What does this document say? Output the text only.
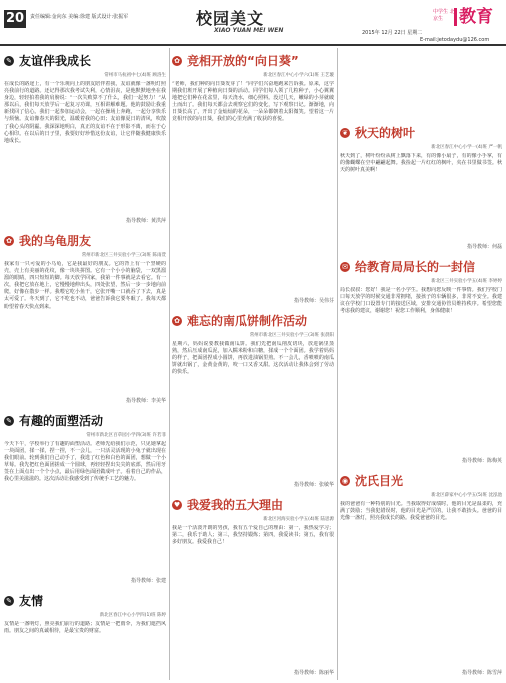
20	责任编辑:金向东 美编:徐建 版式设计:张振军	校园美文
XIAO YUAN MEI WEN
中学生 北京生 教育
2015年 12月 22日 星期二
E-mail:jetodaydu@126.com
✎ 友谊伴我成长
常州市马杭初中七(4)班 顾洛生
在成长的路途上，有一个乐观向上的朋友陪伴着我，友谊就像一盏明灯照亮我前行的道路。还记得那次我考试失利，心情沮丧，是他默默地坐在我身边，轻轻拍着我的肩膀说：“一次失败算不了什么，我们一起努力！”从那以后，我们每天放学后一起复习功课，互相讲解难题。他的鼓励让我重新找回了信心。我们一起参加运动会，一起在操场上奔跑，一起分享快乐与烦恼。友谊像春天的阳光，温暖着我的心田；友谊像夏日的清风，吹散了我心头的阴霾。我深深地明白，真正的友谊不在于形影不离，而在于心心相印。在以后的日子里，我要好好珍惜这份友谊，让它伴随我健康快乐地成长。
指导教师：黄洪萍
✿ 我的乌龟朋友
常州市新北区三井实验小学三(3)班 陈雨萱
我家有一只可爱的小乌龟，它是我最好的朋友。它的背上有一个坚硬的壳，壳上有美丽的花纹，像一块块拼图。它有一个小小的脑袋，一双黑溜溜的眼睛，四只短短的脚。每天放学回家，我第一件事就是去看它。有一次，我把它放在地上，它慢慢地伸出头，四处张望，然后一步一步地向前爬，好像在散步一样。我喂它吃小鱼干，它张开嘴一口就吞了下去，真是太可爱了。冬天到了，它不吃也不动，爸爸告诉我它要冬眠了。我每天都盼望着春天快点到来。
指导教师：李美华
✎ 有趣的面塑活动
常州市新北区百草园小学四(3)班 许若菲
今天下午，学校举行了有趣的面塑活动。老师先给我们示范，只见她拿起一块面团，揉一揉，捏一捏，不一会儿，一只活灵活现的小兔子就出现在我们眼前。轮到我们自己动手了，我选了红色和白色的面团，想做一个小草莓。我先把红色面团搓成一个圆球，再轻轻捏出尖尖的底部，然后用牙签在上面点出一个个小点，最后用绿色面团做成叶子。看着自己的作品，我心里美滋滋的。这次活动让我感受到了传统手工艺的魅力。
指导教师：张建
✎ 友情
新北区春江中心小学四(1)班 陈婷
友情是一盏明灯，照亮我们前行的道路；友情是一把雨伞，为我们遮挡风雨。朋友之间的真诚相待，是最宝贵的财富。
✿ 竞相开放的“向日葵”
新北区春江中心小学六(1)班 王艺璇
“老师，我们种的向日葵发芽了！”同学们兴奋地跑来告诉我。原来，这学期我们班开展了种植向日葵的活动。同学们每人领了几粒种子，小心翼翼地把它们种在花盆里，每天浇水，细心照料。没过几天，嫩绿的小芽就破土而出了。我们每天都会去观察它们的变化，写下观察日记。渐渐地，向日葵长高了，开出了金灿灿的花朵，一朵朵都朝着太阳微笑。望着这一片竞相开放的向日葵，我们的心里充满了收获的喜悦。
指导教师：吴伟芬
✿ 难忘的南瓜饼制作活动
常州市新北区三井实验小学三(3)班 张晨阳
星期六，妈妈说要教我做南瓜饼。我们先把南瓜削皮切块，放进锅里蒸熟，然后压成南瓜泥，加入糯米粉和白糖，揉成一个个面团。我学着妈妈的样子，把面团捏成小圆饼，再放进油锅里煎。不一会儿，香喷喷的南瓜饼就出锅了，金黄金黄的，咬一口又香又甜。这次活动让我体会到了劳动的快乐。
指导教师：张敏华
♥ 我爱我的五大理由
新北区河海实验小学五(4)班 陆思源
我是一个活泼开朗的男孩，我有五个爱自己的理由：第一，我热爱学习；第二，我乐于助人；第三，我坚持锻炼；第四，我爱读书；第五，我有很多好朋友。我爱我自己！
指导教师：陈丽华
❦ 秋天的树叶
新北区春江中心小学一(4)班 严一帆
秋天到了，树叶纷纷从树上飘落下来，有的像小扇子，有的像小手掌，有的像蝴蝶在空中翩翩起舞。我捡起一片红红的枫叶，夹在书里做书签。秋天的树叶真美啊！
指导教师：何磊
✉ 给教育局局长的一封信
新北区三井实验小学五(4)班 李婷婷
局长叔叔：您好！我是一名小学生。我想向您反映一件事情。我们学校门口每天放学的时候交通非常拥堵，接孩子的车辆很多，非常不安全。我建议在学校门口设置专门的接送区域，安排交通协管员维持秩序。希望您能考虑我的建议，谢谢您！祝您工作顺利，身体健康！
指导教师：陈梅英
◉ 沈氏目光
新北区薛家中心小学五(5)班 沈泓池
我的爸爸有一种特别的目光。当我取得好成绩时，他的目光是温柔的，充满了鼓励；当我犯错误时，他的目光是严厉的，让我不敢抬头。爸爸的目光像一盏灯，照亮我成长的路。我爱爸爸的目光。
指导教师：陈雪萍
